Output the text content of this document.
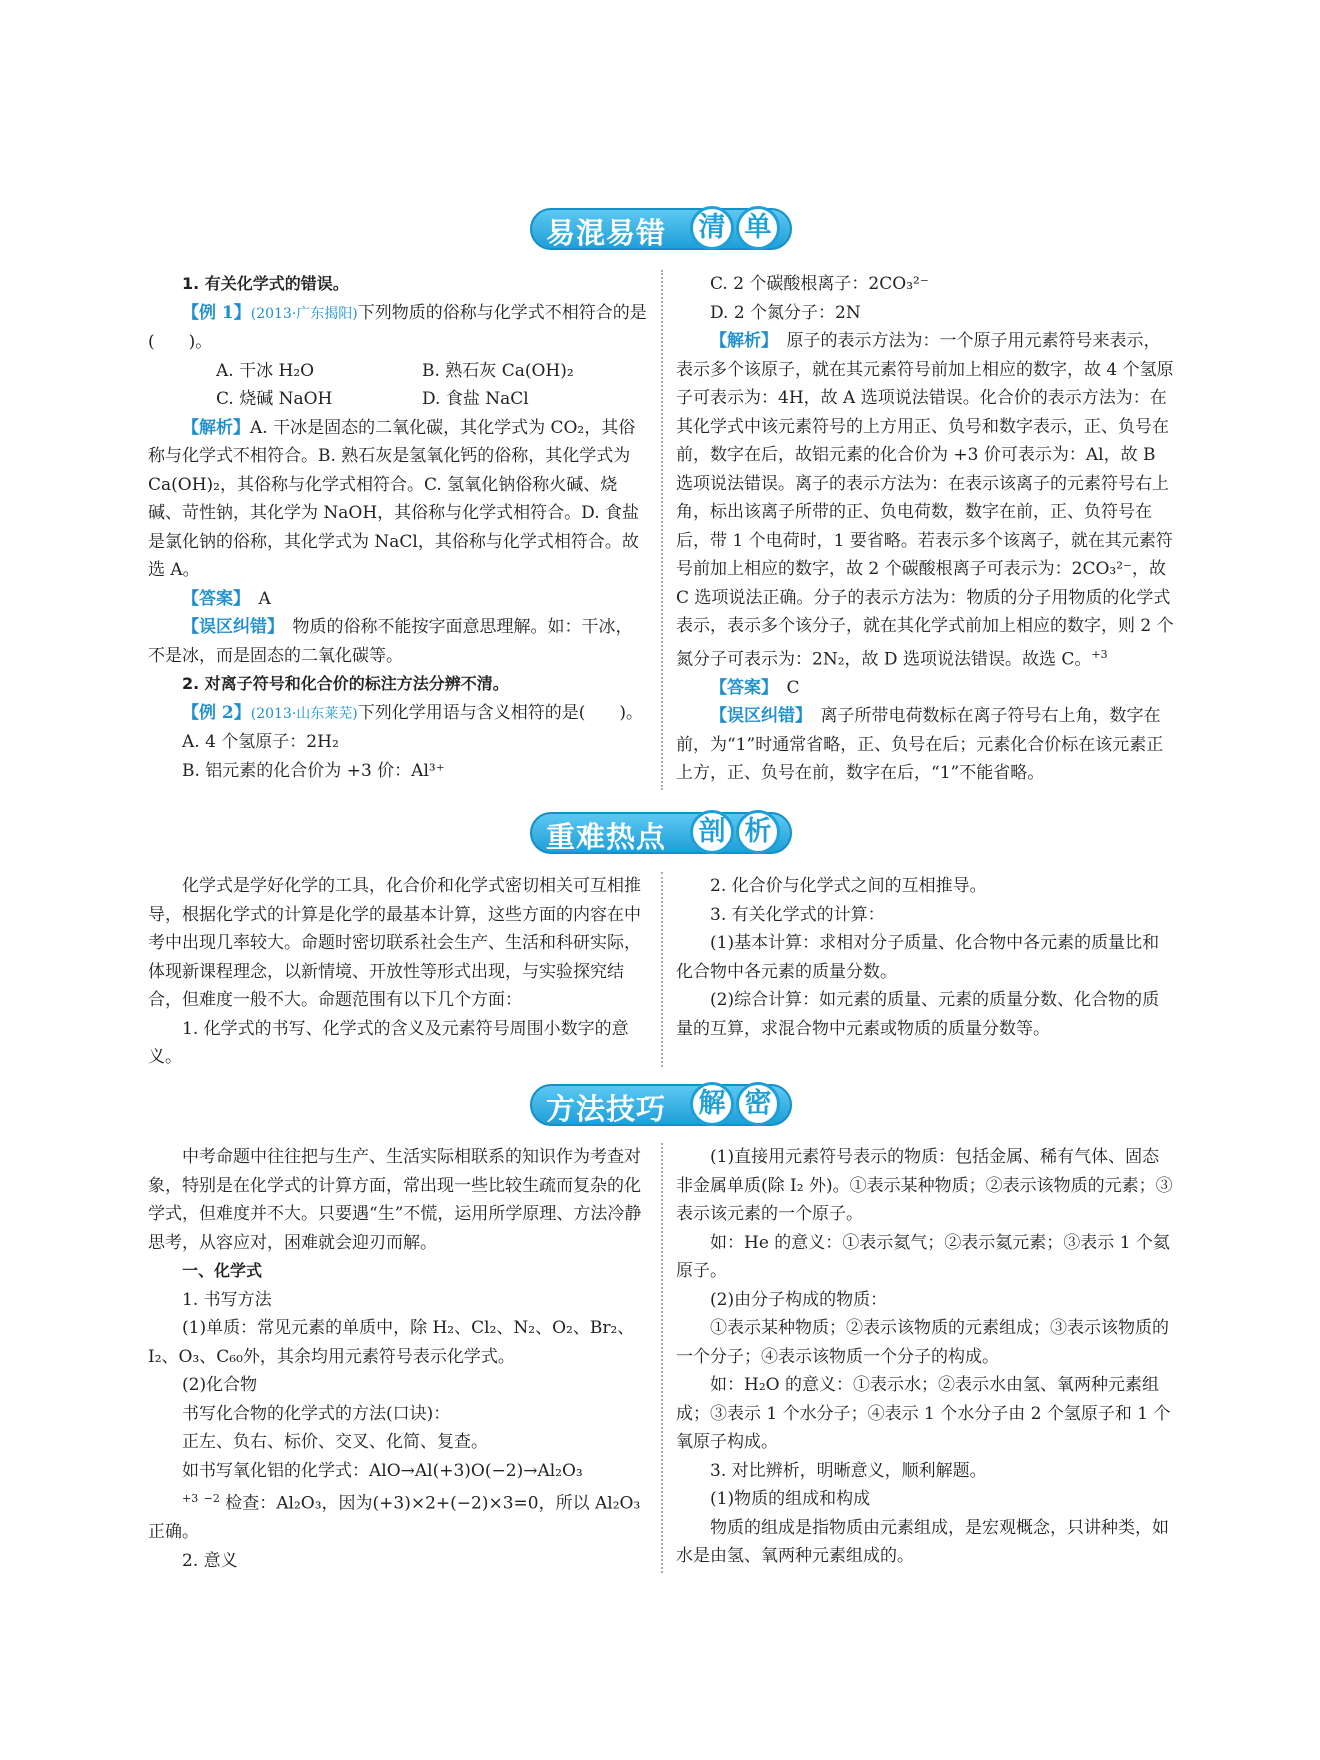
易混易错	清 单

1. 有关化学式的错误。

【例 1】(2013·广东揭阳)下列物质的俗称与化学式不相符合的是(　　)。

A. 干冰 H₂O	B. 熟石灰 Ca(OH)₂

C. 烧碱 NaOH	D. 食盐 NaCl

【解析】A. 干冰是固态的二氧化碳，其化学式为 CO₂，其俗称与化学式不相符合。B. 熟石灰是氢氧化钙的俗称，其化学式为 Ca(OH)₂，其俗称与化学式相符合。C. 氢氧化钠俗称火碱、烧碱、苛性钠，其化学为 NaOH，其俗称与化学式相符合。D. 食盐是氯化钠的俗称，其化学式为 NaCl，其俗称与化学式相符合。故选 A。

【答案】　 A

【误区纠错】　 物质的俗称不能按字面意思理解。如：干冰，不是冰，而是固态的二氧化碳等。

2. 对离子符号和化合价的标注方法分辨不清。

【例 2】(2013·山东莱芜)下列化学用语与含义相符的是(　　)。

A. 4 个氢原子：2H₂

B. 铝元素的化合价为 +3 价：Al³⁺

C. 2 个碳酸根离子：2CO₃²⁻

D. 2 个氮分子：2N

【解析】　 原子的表示方法为：一个原子用元素符号来表示，表示多个该原子，就在其元素符号前加上相应的数字，故 4 个氢原子可表示为：4H，故 A 选项说法错误。化合价的表示方法为：在其化学式中该元素符号的上方用正、负号和数字表示，正、负号在前，数字在后，故铝元素的化合价为 +3 价可表示为：Al，故 B 选项说法错误。离子的表示方法为：在表示该离子的元素符号右上角，标出该离子所带的正、负电荷数，数字在前，正、负符号在后，带 1 个电荷时，1 要省略。若表示多个该离子，就在其元素符号前加上相应的数字，故 2 个碳酸根离子可表示为：2CO₃²⁻，故 C 选项说法正确。分子的表示方法为：物质的分子用物质的化学式表示，表示多个该分子，就在其化学式前加上相应的数字，则 2 个氮分子可表示为：2N₂，故 D 选项说法错误。故选 C。$^{+3}$

【答案】　 C

【误区纠错】　 离子所带电荷数标在离子符号右上角，数字在前，为“1”时通常省略，正、负号在后；元素化合价标在该元素正上方，正、负号在前，数字在后，“1”不能省略。

重难热点	剖 析

化学式是学好化学的工具，化合价和化学式密切相关可互相推导，根据化学式的计算是化学的最基本计算，这些方面的内容在中考中出现几率较大。命题时密切联系社会生产、生活和科研实际，体现新课程理念，以新情境、开放性等形式出现，与实验探究结合，但难度一般不大。命题范围有以下几个方面：

1. 化学式的书写、化学式的含义及元素符号周围小数字的意义。

2. 化合价与化学式之间的互相推导。

3. 有关化学式的计算：

(1)基本计算：求相对分子质量、化合物中各元素的质量比和化合物中各元素的质量分数。

(2)综合计算：如元素的质量、元素的质量分数、化合物的质量的互算，求混合物中元素或物质的质量分数等。

方法技巧	解 密

中考命题中往往把与生产、生活实际相联系的知识作为考查对象，特别是在化学式的计算方面，常出现一些比较生疏而复杂的化学式，但难度并不大。只要遇“生”不慌，运用所学原理、方法冷静思考，从容应对，困难就会迎刃而解。

一、化学式

1. 书写方法

(1)单质：常见元素的单质中，除 H₂、Cl₂、N₂、O₂、Br₂、I₂、O₃、C₆₀外，其余均用元素符号表示化学式。

(2)化合物

书写化合物的化学式的方法(口诀)：

正左、负右、标价、交叉、化简、复查。

如书写氧化铝的化学式：AlO→Al(+3)O(−2)→Al₂O₃

$^{+3}$ $^{-2}$ 检查：Al₂O₃，因为(+3)×2+(−2)×3=0，所以 Al₂O₃ 正确。

2. 意义

(1)直接用元素符号表示的物质：包括金属、稀有气体、固态非金属单质(除 I₂ 外)。①表示某种物质；②表示该物质的元素；③表示该元素的一个原子。

如：He 的意义：①表示氦气；②表示氦元素；③表示 1 个氦原子。

(2)由分子构成的物质：

①表示某种物质；②表示该物质的元素组成；③表示该物质的一个分子；④表示该物质一个分子的构成。

如：H₂O 的意义：①表示水；②表示水由氢、氧两种元素组成；③表示 1 个水分子；④表示 1 个水分子由 2 个氢原子和 1 个氧原子构成。

3. 对比辨析，明晰意义，顺利解题。

(1)物质的组成和构成

物质的组成是指物质由元素组成，是宏观概念，只讲种类，如水是由氢、氧两种元素组成的。
